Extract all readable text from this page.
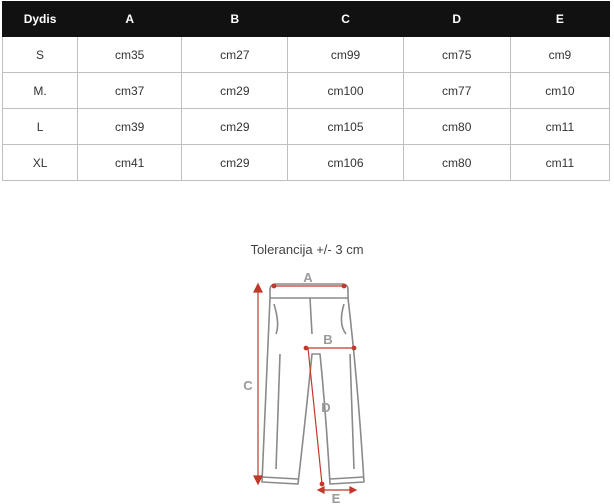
Dydis	A	B	C	D	E
S	cm35	cm27	cm99	cm75	cm9
M.	cm37	cm29	cm100	cm77	cm10
L	cm39	cm29	cm105	cm80	cm11
XL	cm41	cm29	cm106	cm80	cm11
Tolerancija +/- 3 cm
A
B
C
D
E
